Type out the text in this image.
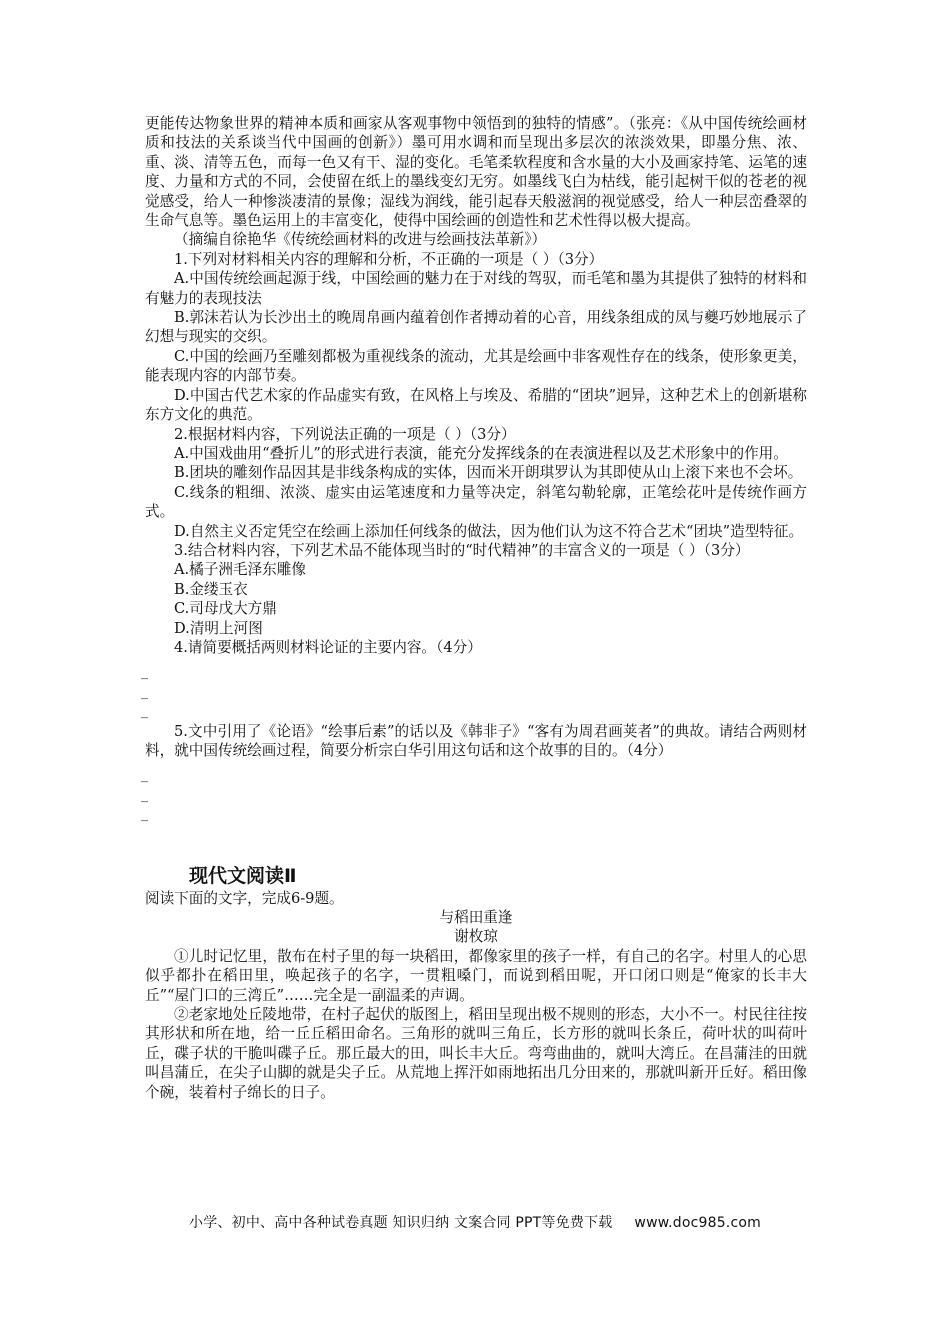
更能传达物象世界的精神本质和画家从客观事物中领悟到的独特的情感”。（张亮：《从中国传统绘画材质和技法的关系谈当代中国画的创新》）墨可用水调和而呈现出多层次的浓淡效果，即墨分焦、浓、重、淡、清等五色，而每一色又有干、湿的变化。毛笔柔软程度和含水量的大小及画家持笔、运笔的速度、力量和方式的不同，会使留在纸上的墨线变幻无穷。如墨线飞白为枯线，能引起树干似的苍老的视觉感受，给人一种惨淡凄清的景像；湿线为润线，能引起春天般滋润的视觉感受，给人一种层峦叠翠的生命气息等。墨色运用上的丰富变化，使得中国绘画的创造性和艺术性得以极大提高。

（摘编自徐艳华《传统绘画材料的改进与绘画技法革新》）

1.下列对材料相关内容的理解和分析，不正确的一项是（ ）（3分）

A.中国传统绘画起源于线，中国绘画的魅力在于对线的驾驭，而毛笔和墨为其提供了独特的材料和有魅力的表现技法

B.郭沫若认为长沙出土的晚周帛画内蕴着创作者搏动着的心音，用线条组成的凤与夔巧妙地展示了幻想与现实的交织。

C.中国的绘画乃至雕刻都极为重视线条的流动，尤其是绘画中非客观性存在的线条，使形象更美，能表现内容的内部节奏。

D.中国古代艺术家的作品虚实有致，在风格上与埃及、希腊的“团块”迥异，这种艺术上的创新堪称东方文化的典范。

2.根据材料内容，下列说法正确的一项是（ ）（3分）

A.中国戏曲用“叠折儿”的形式进行表演，能充分发挥线条的在表演进程以及艺术形象中的作用。

B.团块的雕刻作品因其是非线条构成的实体，因而米开朗琪罗认为其即使从山上滚下来也不会坏。

C.线条的粗细、浓淡、虚实由运笔速度和力量等决定，斜笔勾勒轮廓，正笔绘花叶是传统作画方式。

D.自然主义否定凭空在绘画上添加任何线条的做法，因为他们认为这不符合艺术“团块”造型特征。

3.结合材料内容，下列艺术品不能体现当时的“时代精神”的丰富含义的一项是（ ）（3分）

A.橘子洲毛泽东雕像

B.金缕玉衣

C.司母戊大方鼎

D.清明上河图

4.请简要概括两则材料论证的主要内容。（4分）

_

_

_

5.文中引用了《论语》“绘事后素”的话以及《韩非子》“客有为周君画荚者”的典故。请结合两则材料，就中国传统绘画过程，简要分析宗白华引用这句话和这个故事的目的。（4分）

_

_

_

现代文阅读Ⅱ

阅读下面的文字，完成6-9题。

与稻田重逢

谢枚琼

①儿时记忆里，散布在村子里的每一块稻田，都像家里的孩子一样，有自己的名字。村里人的心思似乎都扑在稻田里，唤起孩子的名字，一贯粗嗓门，而说到稻田呢，开口闭口则是“俺家的长丰大丘”“屋门口的三湾丘”……完全是一副温柔的声调。

②老家地处丘陵地带，在村子起伏的版图上，稻田呈现出极不规则的形态，大小不一。村民往往按其形状和所在地，给一丘丘稻田命名。三角形的就叫三角丘，长方形的就叫长条丘，荷叶状的叫荷叶丘，碟子状的干脆叫碟子丘。那丘最大的田，叫长丰大丘。弯弯曲曲的，就叫大湾丘。在昌蒲洼的田就叫昌蒲丘，在尖子山脚的就是尖子丘。从荒地上挥汗如雨地拓出几分田来的，那就叫新开丘好。稻田像个碗，装着村子绵长的日子。

小学、初中、高中各种试卷真题 知识归纳 文案合同 PPT等免费下载 www.doc985.com
